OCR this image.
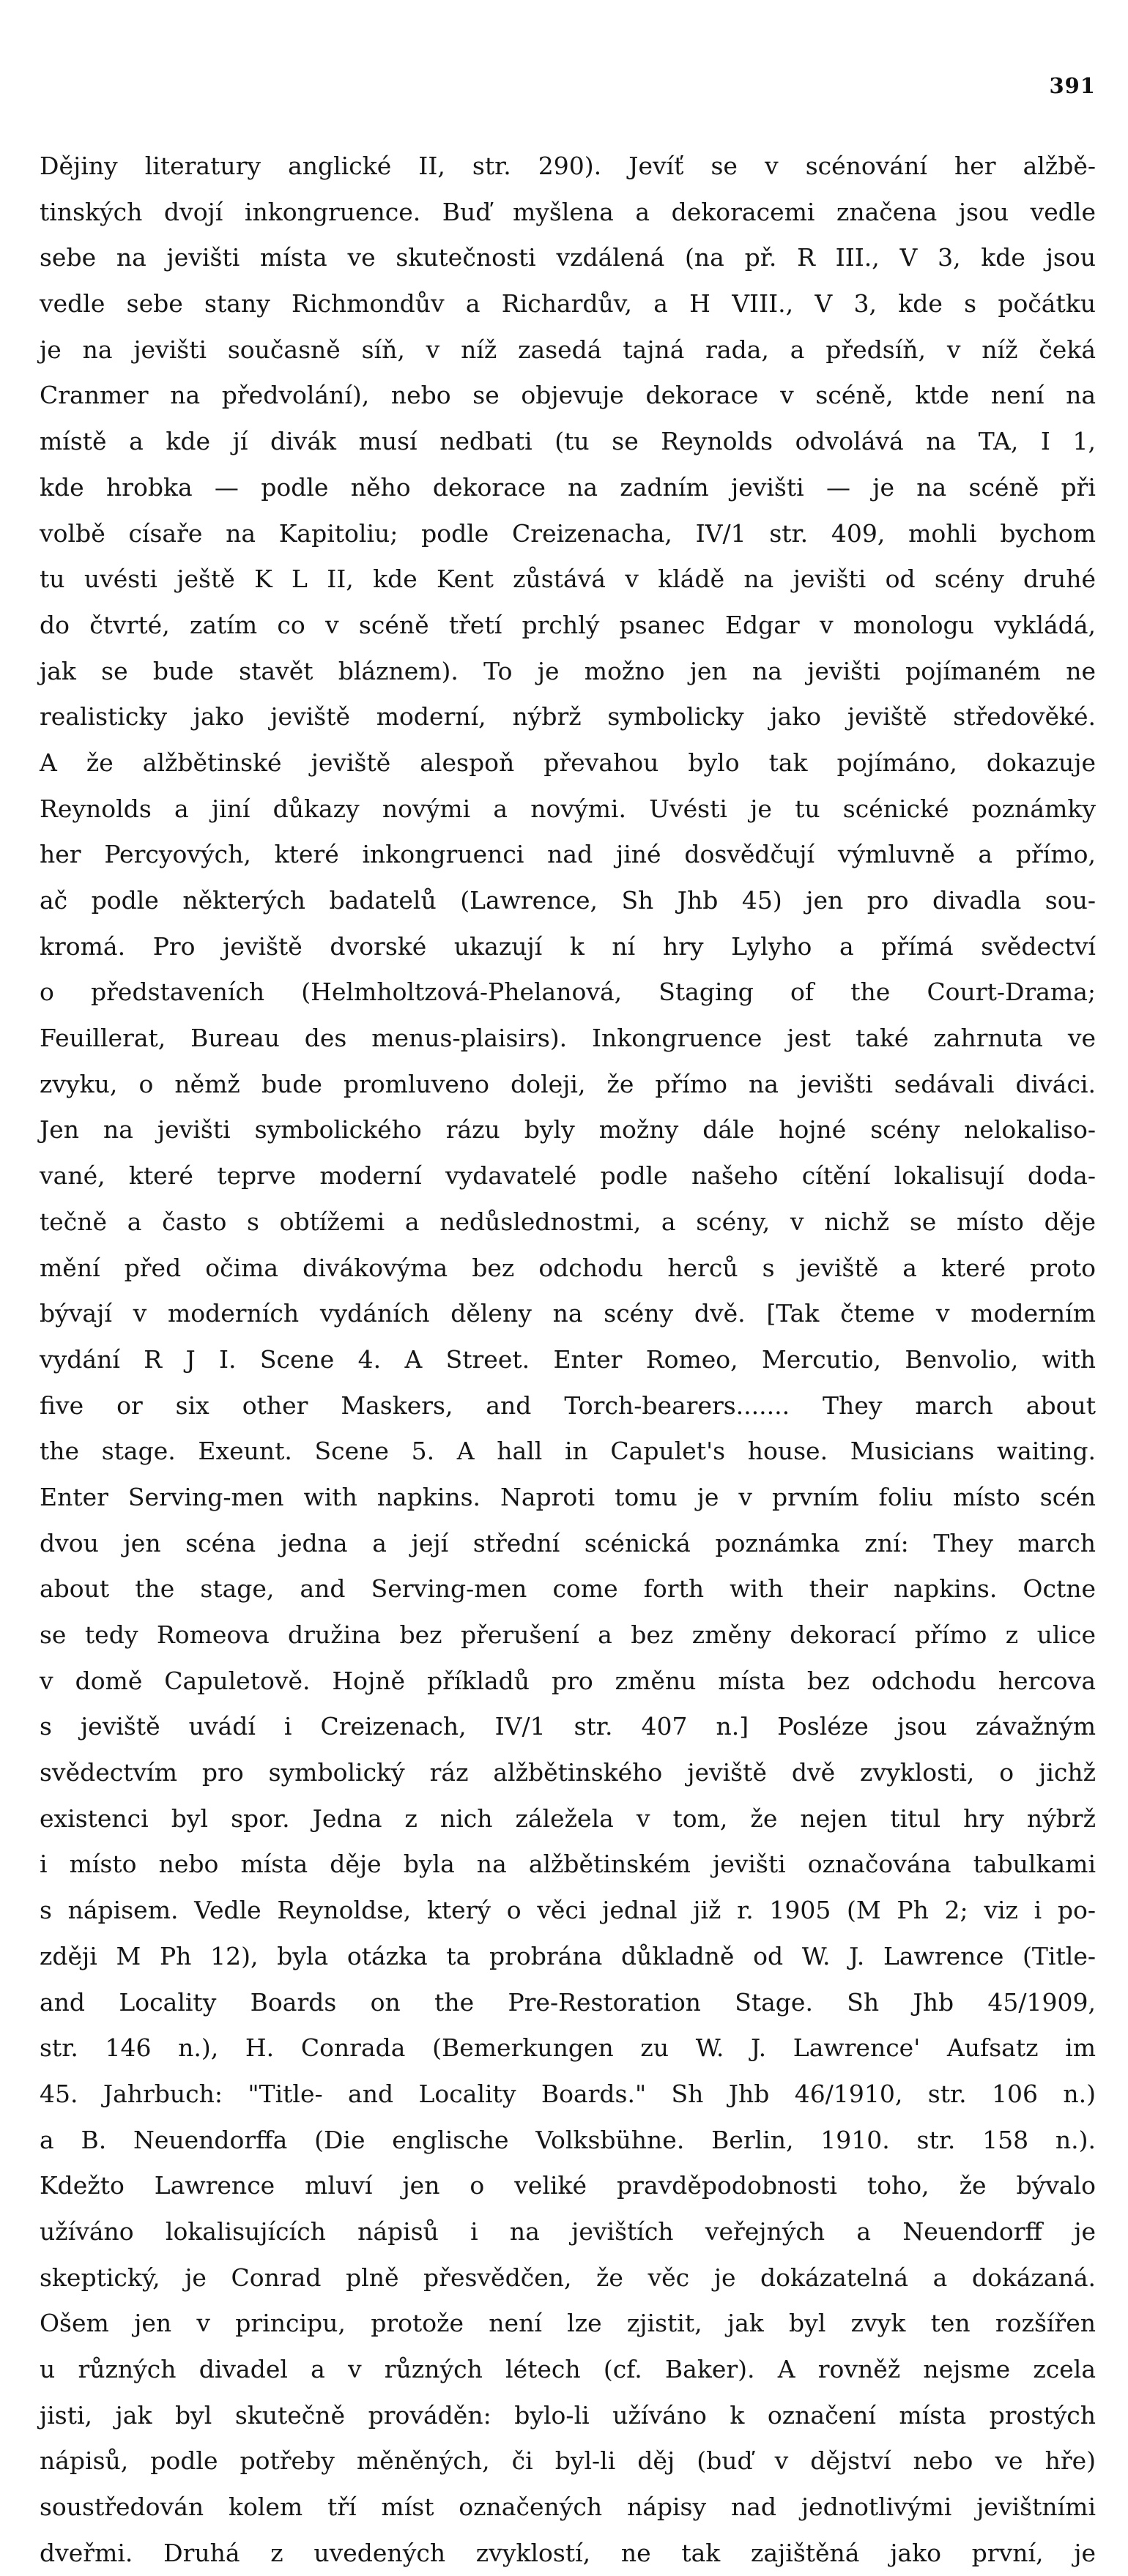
391
Dějiny literatury anglické II, str. 290). Jevíť se v scénování her alžbě-
tinských dvojí inkongruence. Buď myšlena a dekoracemi značena jsou vedle
sebe na jevišti místa ve skutečnosti vzdálená (na př. R III., V 3, kde jsou
vedle sebe stany Richmondův a Richardův, a H VIII., V 3, kde s počátku
je na jevišti současně síň, v níž zasedá tajná rada, a předsíň, v níž čeká
Cranmer na předvolání), nebo se objevuje dekorace v scéně, ktde není na
místě a kde jí divák musí nedbati (tu se Reynolds odvolává na TA, I 1,
kde hrobka — podle něho dekorace na zadním jevišti — je na scéně při
volbě císaře na Kapitoliu; podle Creizenacha, IV/1 str. 409, mohli bychom
tu uvésti ještě K L II, kde Kent zůstává v kládě na jevišti od scény druhé
do čtvrté, zatím co v scéně třetí prchlý psanec Edgar v monologu vykládá,
jak se bude stavět bláznem). To je možno jen na jevišti pojímaném ne
realisticky jako jeviště moderní, nýbrž symbolicky jako jeviště středověké.
A že alžbětinské jeviště alespoň převahou bylo tak pojímáno, dokazuje
Reynolds a jiní důkazy novými a novými. Uvésti je tu scénické poznámky
her Percyových, které inkongruenci nad jiné dosvědčují výmluvně a přímo,
ač podle některých badatelů (Lawrence, Sh Jhb 45) jen pro divadla sou-
kromá. Pro jeviště dvorské ukazují k ní hry Lylyho a přímá svědectví
o představeních (Helmholtzová-Phelanová, Staging of the Court-Drama;
Feuillerat, Bureau des menus-plaisirs). Inkongruence jest také zahrnuta ve
zvyku, o němž bude promluveno doleji, že přímo na jevišti sedávali diváci.
Jen na jevišti symbolického rázu byly možny dále hojné scény nelokaliso-
vané, které teprve moderní vydavatelé podle našeho cítění lokalisují doda-
tečně a často s obtížemi a nedůslednostmi, a scény, v nichž se místo děje
mění před očima divákovýma bez odchodu herců s jeviště a které proto
bývají v moderních vydáních děleny na scény dvě. [Tak čteme v moderním
vydání R J I. Scene 4. A Street. Enter Romeo, Mercutio, Benvolio, with
five or six other Maskers, and Torch-bearers....... They march about
the stage. Exeunt. Scene 5. A hall in Capulet's house. Musicians waiting.
Enter Serving-men with napkins. Naproti tomu je v prvním foliu místo scén
dvou jen scéna jedna a její střední scénická poznámka zní: They march
about the stage, and Serving-men come forth with their napkins. Octne
se tedy Romeova družina bez přerušení a bez změny dekorací přímo z ulice
v domě Capuletově. Hojně příkladů pro změnu místa bez odchodu hercova
s jeviště uvádí i Creizenach, IV/1 str. 407 n.] Posléze jsou závažným
svědectvím pro symbolický ráz alžbětinského jeviště dvě zvyklosti, o jichž
existenci byl spor. Jedna z nich záležela v tom, že nejen titul hry nýbrž
i místo nebo místa děje byla na alžbětinském jevišti označována tabulkami
s nápisem. Vedle Reynoldse, který o věci jednal již r. 1905 (M Ph 2; viz i po-
zději M Ph 12), byla otázka ta probrána důkladně od W. J. Lawrence (Title-
and Locality Boards on the Pre-Restoration Stage. Sh Jhb 45/1909,
str. 146 n.), H. Conrada (Bemerkungen zu W. J. Lawrence' Aufsatz im
45. Jahrbuch: "Title- and Locality Boards." Sh Jhb 46/1910, str. 106 n.)
a B. Neuendorffa (Die englische Volksbühne. Berlin, 1910. str. 158 n.).
Kdežto Lawrence mluví jen o veliké pravděpodobnosti toho, že bývalo
užíváno lokalisujících nápisů i na jevištích veřejných a Neuendorff je
skeptický, je Conrad plně přesvědčen, že věc je dokázatelná a dokázaná.
Ošem jen v principu, protože není lze zjistit, jak byl zvyk ten rozšířen
u různých divadel a v různých létech (cf. Baker). A rovněž nejsme zcela
jisti, jak byl skutečně prováděn: bylo-li užíváno k označení místa prostých
nápisů, podle potřeby měněných, či byl-li děj (buď v dějství nebo ve hře)
soustředován kolem tří míst označených nápisy nad jednotlivými jevištními
dveřmi. Druhá z uvedených zvyklostí, ne tak zajištěná jako první, je
